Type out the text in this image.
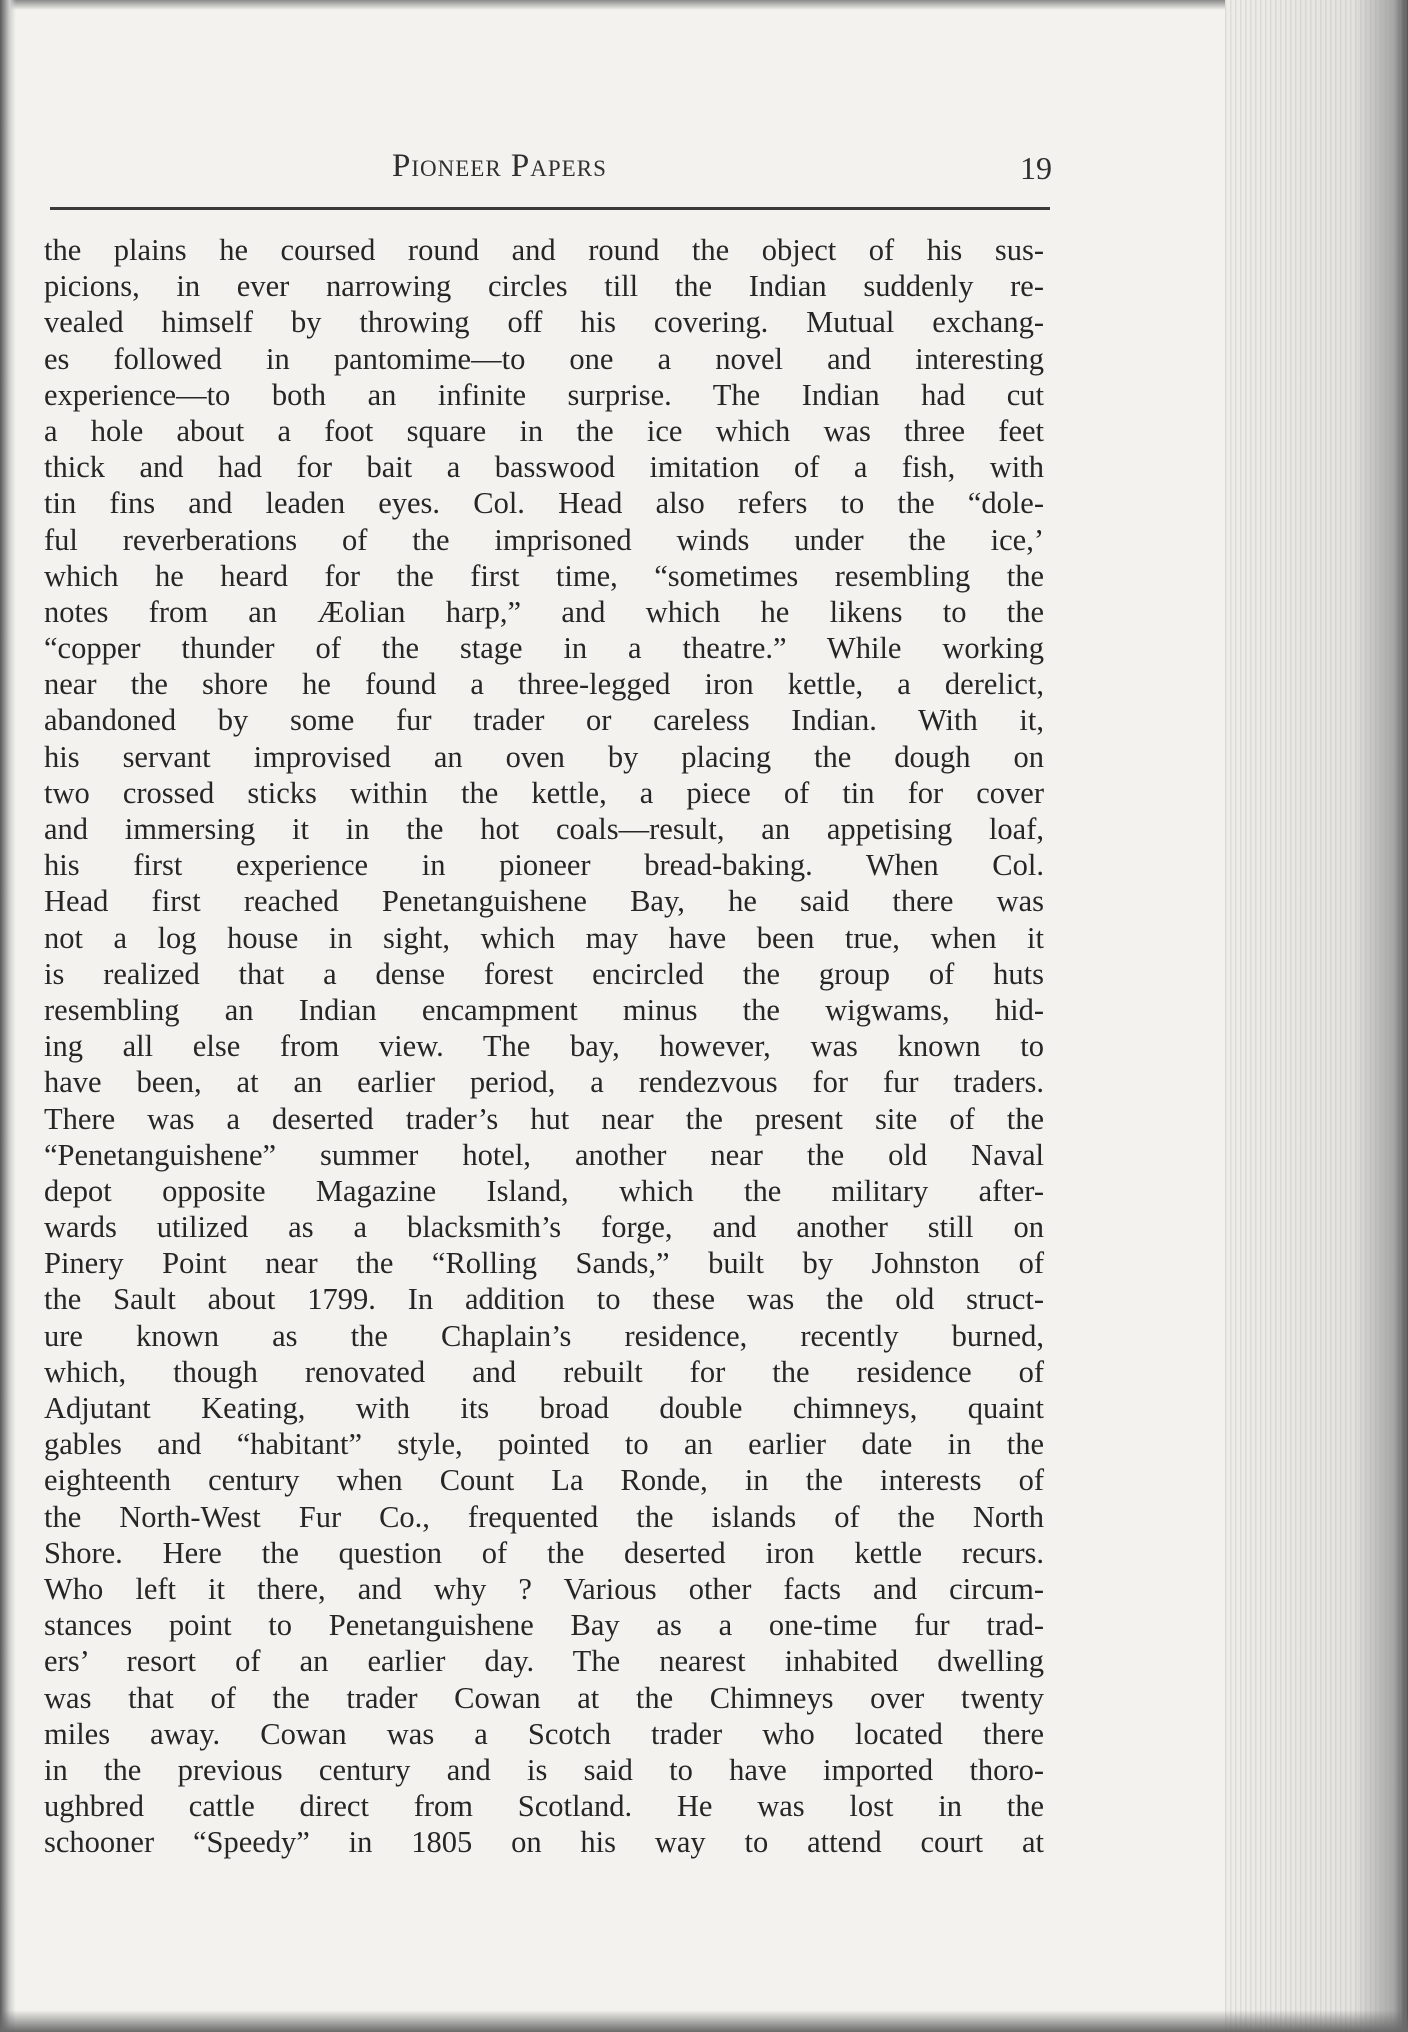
Pioneer Papers	19
the plains he coursed round and round the object of his sus-
picions, in ever narrowing circles till the Indian suddenly re-
vealed himself by throwing off his covering. Mutual exchang-
es followed in pantomime—to one a novel and interesting
experience—to both an infinite surprise. The Indian had cut
a hole about a foot square in the ice which was three feet
thick and had for bait a basswood imitation of a fish, with
tin fins and leaden eyes. Col. Head also refers to the “dole-
ful reverberations of the imprisoned winds under the ice,’
which he heard for the first time, “sometimes resembling the
notes from an Æolian harp,” and which he likens to the
“copper thunder of the stage in a theatre.” While working
near the shore he found a three-legged iron kettle, a derelict,
abandoned by some fur trader or careless Indian. With it,
his servant improvised an oven by placing the dough on
two crossed sticks within the kettle, a piece of tin for cover
and immersing it in the hot coals—result, an appetising loaf,
his first experience in pioneer bread-baking. When Col.
Head first reached Penetanguishene Bay, he said there was
not a log house in sight, which may have been true, when it
is realized that a dense forest encircled the group of huts
resembling an Indian encampment minus the wigwams, hid-
ing all else from view. The bay, however, was known to
have been, at an earlier period, a rendezvous for fur traders.
There was a deserted trader’s hut near the present site of the
“Penetanguishene” summer hotel, another near the old Naval
depot opposite Magazine Island, which the military after-
wards utilized as a blacksmith’s forge, and another still on
Pinery Point near the “Rolling Sands,” built by Johnston of
the Sault about 1799. In addition to these was the old struct-
ure known as the Chaplain’s residence, recently burned,
which, though renovated and rebuilt for the residence of
Adjutant Keating, with its broad double chimneys, quaint
gables and “habitant” style, pointed to an earlier date in the
eighteenth century when Count La Ronde, in the interests of
the North-West Fur Co., frequented the islands of the North
Shore. Here the question of the deserted iron kettle recurs.
Who left it there, and why ? Various other facts and circum-
stances point to Penetanguishene Bay as a one-time fur trad-
ers’ resort of an earlier day. The nearest inhabited dwelling
was that of the trader Cowan at the Chimneys over twenty
miles away. Cowan was a Scotch trader who located there
in the previous century and is said to have imported thoro-
ughbred cattle direct from Scotland. He was lost in the
schooner “Speedy” in 1805 on his way to attend court at
